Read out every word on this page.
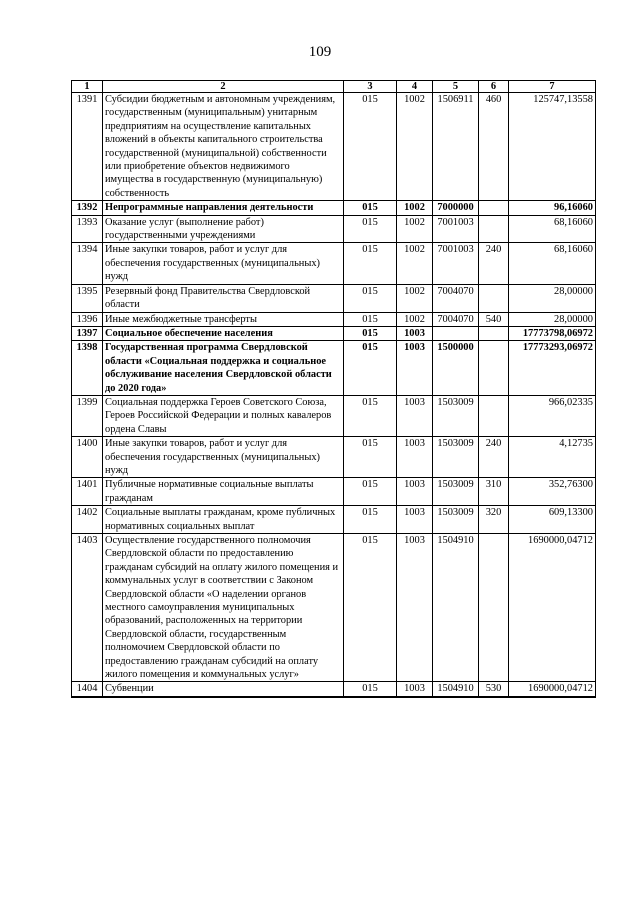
109
1	2	3	4	5	6	7
1391	Субсидии бюджетным и автономным учреждениям, государственным (муниципальным) унитарным предприятиям на осуществление капитальных вложений в объекты капитального строительства государственной (муниципальной) собственности или приобретение объектов недвижимого имущества в государственную (муниципальную) собственность	015	1002	1506911	460	125747,13558
1392	Непрограммные направления деятельности	015	1002	7000000		96,16060
1393	Оказание услуг (выполнение работ) государственными учреждениями	015	1002	7001003		68,16060
1394	Иные закупки товаров, работ и услуг для обеспечения государственных (муниципальных) нужд	015	1002	7001003	240	68,16060
1395	Резервный фонд Правительства Свердловской области	015	1002	7004070		28,00000
1396	Иные межбюджетные трансферты	015	1002	7004070	540	28,00000
1397	Социальное обеспечение населения	015	1003			17773798,06972
1398	Государственная программа Свердловской области «Социальная поддержка и социальное обслуживание населения Свердловской области до 2020 года»	015	1003	1500000		17773293,06972
1399	Социальная поддержка Героев Советского Союза, Героев Российской Федерации и полных кавалеров ордена Славы	015	1003	1503009		966,02335
1400	Иные закупки товаров, работ и услуг для обеспечения государственных (муниципальных) нужд	015	1003	1503009	240	4,12735
1401	Публичные нормативные социальные выплаты гражданам	015	1003	1503009	310	352,76300
1402	Социальные выплаты гражданам, кроме публичных нормативных социальных выплат	015	1003	1503009	320	609,13300
1403	Осуществление государственного полномочия Свердловской области по предоставлению гражданам субсидий на оплату жилого помещения и коммунальных услуг в соответствии с Законом Свердловской области «О наделении органов местного самоуправления муниципальных образований, расположенных на территории Свердловской области, государственным полномочием Свердловской области по предоставлению гражданам субсидий на оплату жилого помещения и коммунальных услуг»	015	1003	1504910		1690000,04712
1404	Субвенции	015	1003	1504910	530	1690000,04712
